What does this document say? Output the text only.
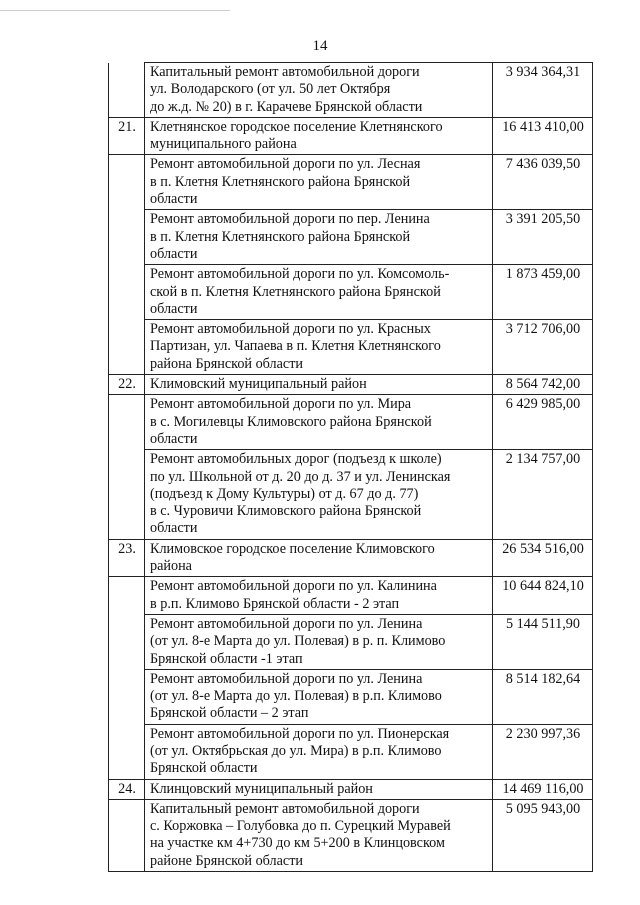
14

	Капитальный ремонт автомобильной дороги
ул. Володарского (от ул. 50 лет Октября
до ж.д. № 20) в г. Карачеве Брянской области	3 934 364,31
21.	Клетнянское городское поселение Клетнянского
муниципального района	16 413 410,00

	Ремонт автомобильной дороги по ул. Лесная
в п. Клетня Клетнянского района Брянской
области	7 436 039,50

	Ремонт автомобильной дороги по пер. Ленина
в п. Клетня Клетнянского района Брянской
области	3 391 205,50

	Ремонт автомобильной дороги по ул. Комсомоль-
ской в п. Клетня Клетнянского района Брянской
области	1 873 459,00

	Ремонт автомобильной дороги по ул. Красных
Партизан, ул. Чапаева в п. Клетня Клетнянского
района Брянской области	3 712 706,00
22.	Климовский муниципальный район	8 564 742,00

	Ремонт автомобильной дороги по ул. Мира
в с. Могилевцы Климовского района Брянской
области	6 429 985,00

	Ремонт автомобильных дорог (подъезд к школе)
по ул. Школьной от д. 20 до д. 37 и ул. Ленинская
(подъезд к Дому Культуры) от д. 67 до д. 77)
в с. Чуровичи Климовского района Брянской
области	2 134 757,00
23.	Климовское городское поселение Климовского
района	26 534 516,00

	Ремонт автомобильной дороги по ул. Калинина
в р.п. Климово Брянской области - 2 этап	10 644 824,10

	Ремонт автомобильной дороги по ул. Ленина
(от ул. 8-е Марта до ул. Полевая) в р. п. Климово
Брянской области -1 этап	5 144 511,90

	Ремонт автомобильной дороги по ул. Ленина
(от ул. 8-е Марта до ул. Полевая) в р.п. Климово
Брянской области – 2 этап	8 514 182,64

	Ремонт автомобильной дороги по ул. Пионерская
(от ул. Октябрьская до ул. Мира) в р.п. Климово
Брянской области	2 230 997,36
24.	Клинцовский муниципальный район	14 469 116,00

	Капитальный ремонт автомобильной дороги
с. Коржовка – Голубовка до п. Сурецкий Муравей
на участке км 4+730 до км 5+200 в Клинцовском
районе Брянской области	5 095 943,00
